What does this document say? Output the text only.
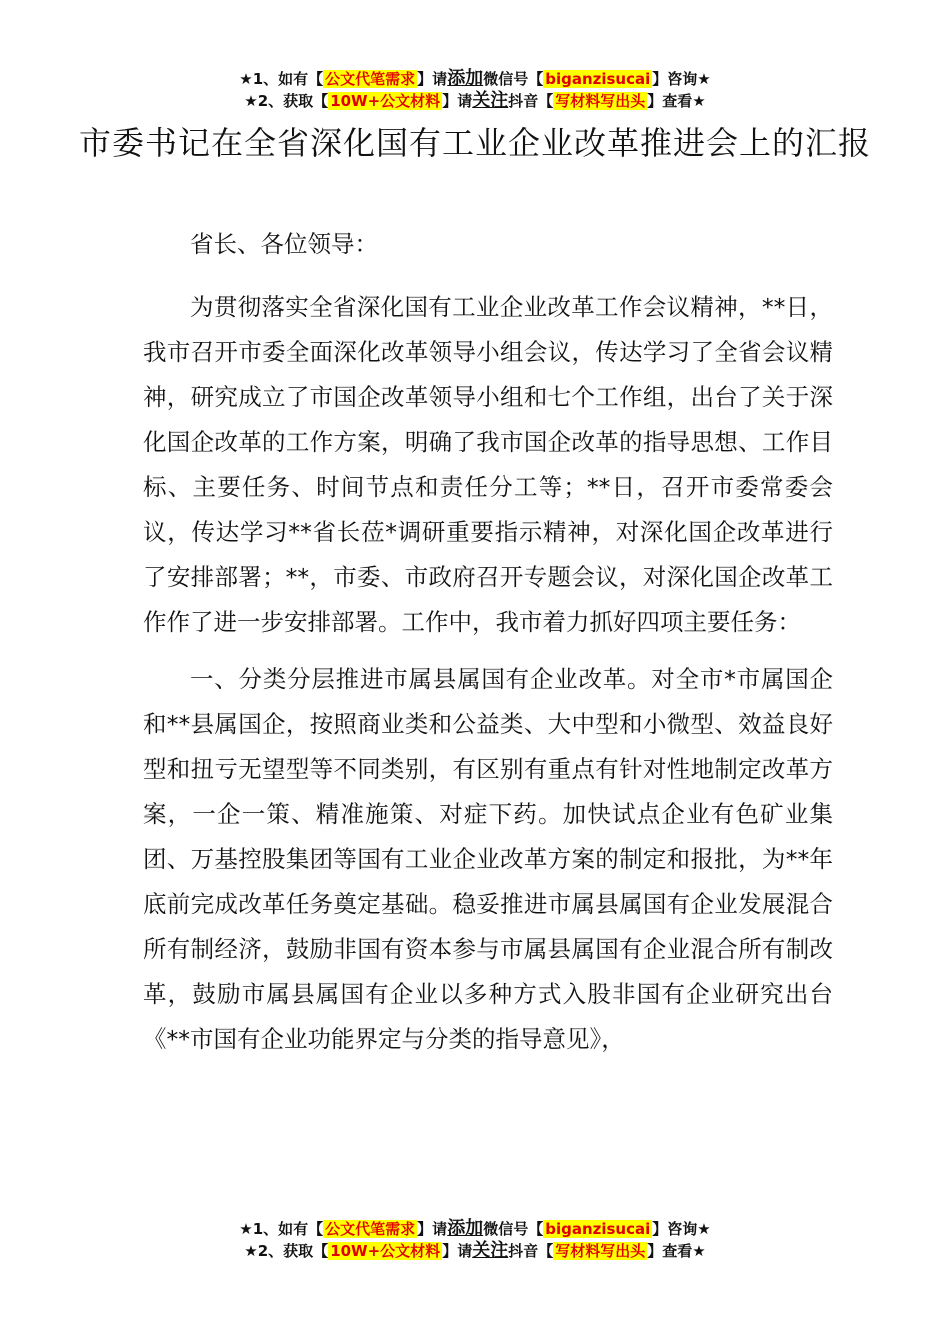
★1、如有【 公文代笔需求 】请添加微信号【 biganzisucai 】咨询★
★2、获取【 10W+公文材料 】请关注抖音【 写材料写出头 】查看★
市委书记在全省深化国有工业企业改革推进会上的汇报

省长、各位领导：

为贯彻落实全省深化国有工业企业改革工作会议精神，**日，我市召开市委全面深化改革领导小组会议，传达学习了全省会议精神，研究成立了市国企改革领导小组和七个工作组，出台了关于深化国企改革的工作方案，明确了我市国企改革的指导思想、工作目标、主要任务、时间节点和责任分工等；**日，召开市委常委会议，传达学习**省长莅*调研重要指示精神，对深化国企改革进行了安排部署；**，市委、市政府召开专题会议，对深化国企改革工作作了进一步安排部署。工作中，我市着力抓好四项主要任务：

一、分类分层推进市属县属国有企业改革。对全市*市属国企和**县属国企，按照商业类和公益类、大中型和小微型、效益良好型和扭亏无望型等不同类别，有区别有重点有针对性地制定改革方案，一企一策、精准施策、对症下药。加快试点企业有色矿业集团、万基控股集团等国有工业企业改革方案的制定和报批，为**年底前完成改革任务奠定基础。稳妥推进市属县属国有企业发展混合所有制经济，鼓励非国有资本参与市属县属国有企业混合所有制改革，鼓励市属县属国有企业以多种方式入股非国有企业研究出台《**市国有企业功能界定与分类的指导意见》，

★1、如有【 公文代笔需求 】请添加微信号【 biganzisucai 】咨询★
★2、获取【 10W+公文材料 】请关注抖音【 写材料写出头 】查看★
